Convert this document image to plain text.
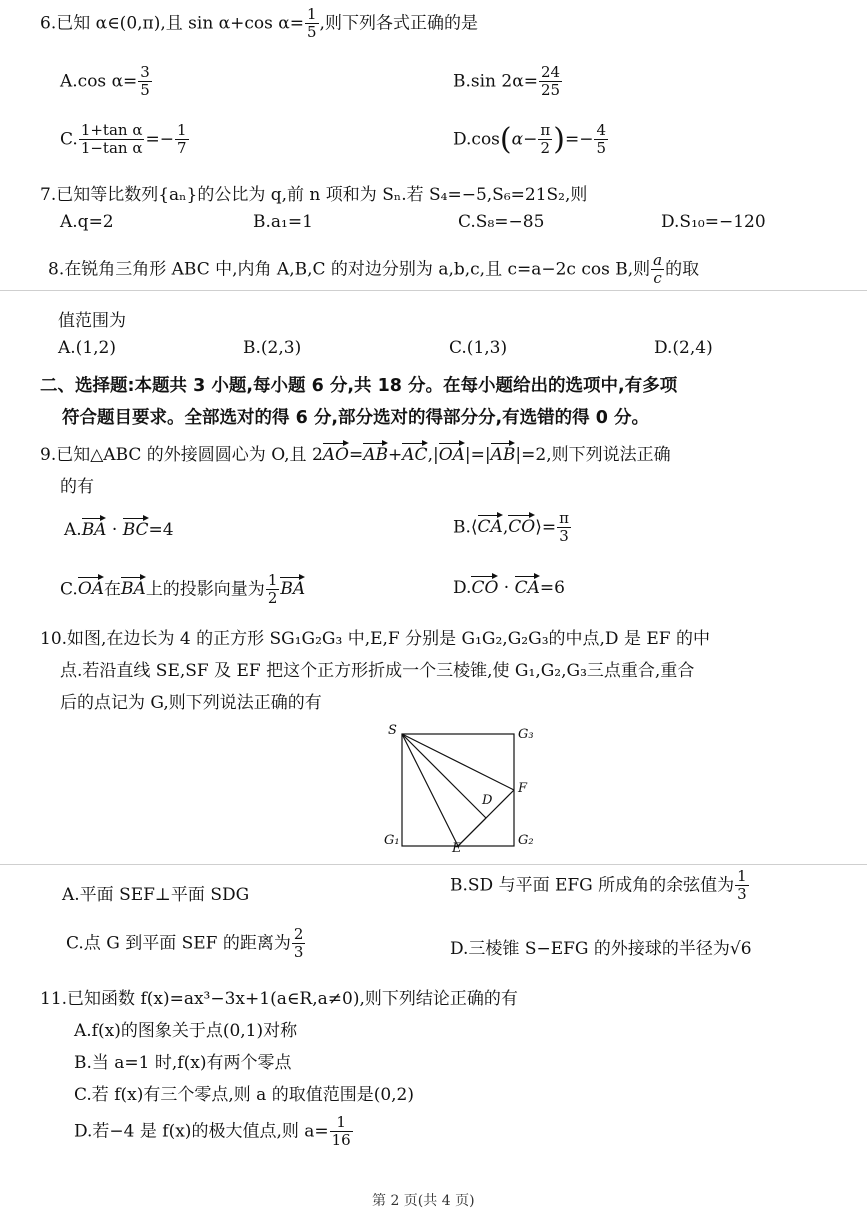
6.已知 α∈(0,π),且 sin α+cos $\alpha= \frac{1}{5}$ ,则下列各式正确的是
A.cos $\alpha= \frac{3}{5}$	B.sin $2\alpha= \frac{24}{25}$
C. $\frac{\text{1+tan α}}{\text{1−tan α}} =- \frac{1}{7}$	$D.\cos(\alpha- \frac{\pi}{2}$ )=− $\frac{4}{5}$
7.已知等比数列{aₙ}的公比为 q,前 n 项和为 Sₙ.若 S₄=−5,S₆=21S₂,则
A.q=2	B.a₁=1	C.S₈=−85	D.S₁₀=−120
8.在锐角三角形 ABC 中,内角 A,B,C 的对边分别为 a,b,c,且 c=a−2c cos B,则 $\frac{a}{c}$ 的取
值范围为
A.(1,2)	B.(2,3)	C.(1,3)	D.(2,4)
二、选择题:本题共 3 小题,每小题 6 分,共 18 分。在每小题给出的选项中,有多项
符合题目要求。全部选对的得 6 分,部分选对的得部分分,有选错的得 0 分。
9.已知△ABC 的外接圆圆心为 O,且 2AO=AB+AC,|OA|=|AB|=2,则下列说法正确
的有
A.BA · BC=4	B.⟨CA,CO⟩= $\frac{\pi}{3}$
C.OA在BA上的投影向量为 $\frac{1}{2}$ BA	D.CO · CA=6
10.如图,在边长为 4 的正方形 SG₁G₂G₃ 中,E,F 分别是 G₁G₂,G₂G₃的中点,D 是 EF 的中
点.若沿直线 SE,SF 及 EF 把这个正方形折成一个三棱锥,使 G₁,G₂,G₃三点重合,重合
后的点记为 G,则下列说法正确的有
S	G₃
F
D
G₁
E
G₂
A.平面 SEF⊥平面 SDG	B.SD 与平面 EFG 所成角的余弦值为 $\frac{1}{3}$
C.点 G 到平面 SEF 的距离为 $\frac{2}{3}$	D.三棱锥 S−EFG 的外接球的半径为√6
11.已知函数 f(x)=ax³−3x+1(a∈R,a≠0),则下列结论正确的有
A.f(x)的图象关于点(0,1)对称
B.当 a=1 时,f(x)有两个零点
C.若 f(x)有三个零点,则 a 的取值范围是(0,2)
D.若−4 是 f(x)的极大值点,则 $a= \frac{1}{16}$
第 2 页(共 4 页)
